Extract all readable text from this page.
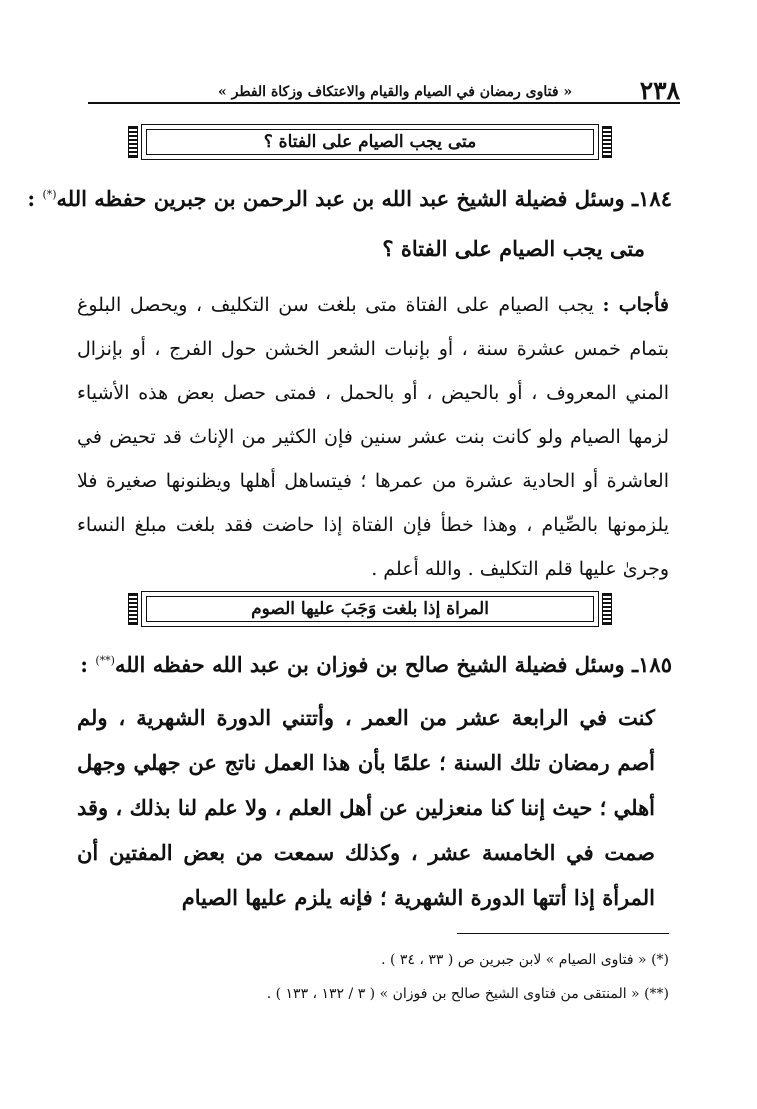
٢٣٨
« فتاوى رمضان في الصيام والقيام والاعتكاف وزكاة الفطر »
متى يجب الصيام على الفتاة ؟
١٨٤ـ وسئل فضيلة الشيخ عبد الله بن عبد الرحمن بن جبرين حفظه الله(*) :
متى يجب الصيام على الفتاة ؟
فأجاب : يجب الصيام على الفتاة متى بلغت سن التكليف ، ويحصل البلوغ بتمام خمس عشرة سنة ، أو بإنبات الشعر الخشن حول الفرج ، أو بإنزال المني المعروف ، أو بالحيض ، أو بالحمل ، فمتى حصل بعض هذه الأشياء لزمها الصيام ولو كانت بنت عشر سنين فإن الكثير من الإناث قد تحيض في العاشرة أو الحادية عشرة من عمرها ؛ فيتساهل أهلها ويظنونها صغيرة فلا يلزمونها بالصِّيام ، وهذا خطأ فإن الفتاة إذا حاضت فقد بلغت مبلغ النساء وجرىٰ عليها قلم التكليف . والله أعلم .
المراة إذا بلغت وَجَبَ عليها الصوم
١٨٥ـ وسئل فضيلة الشيخ صالح بن فوزان بن عبد الله حفظه الله(**) :
كنت في الرابعة عشر من العمر ، وأتتني الدورة الشهرية ، ولم أصم رمضان تلك السنة ؛ علمًا بأن هذا العمل ناتج عن جهلي وجهل أهلي ؛ حيث إننا كنا منعزلين عن أهل العلم ، ولا علم لنا بذلك ، وقد صمت في الخامسة عشر ، وكذلك سمعت من بعض المفتين أن المرأة إذا أتتها الدورة الشهرية ؛ فإنه يلزم عليها الصيام
(*) « فتاوى الصيام » لابن جبرين ص ( ٣٣ ، ٣٤ ) .
(**) « المنتقى من فتاوى الشيخ صالح بن فوزان » ( ٣ / ١٣٢ ، ١٣٣ ) .
